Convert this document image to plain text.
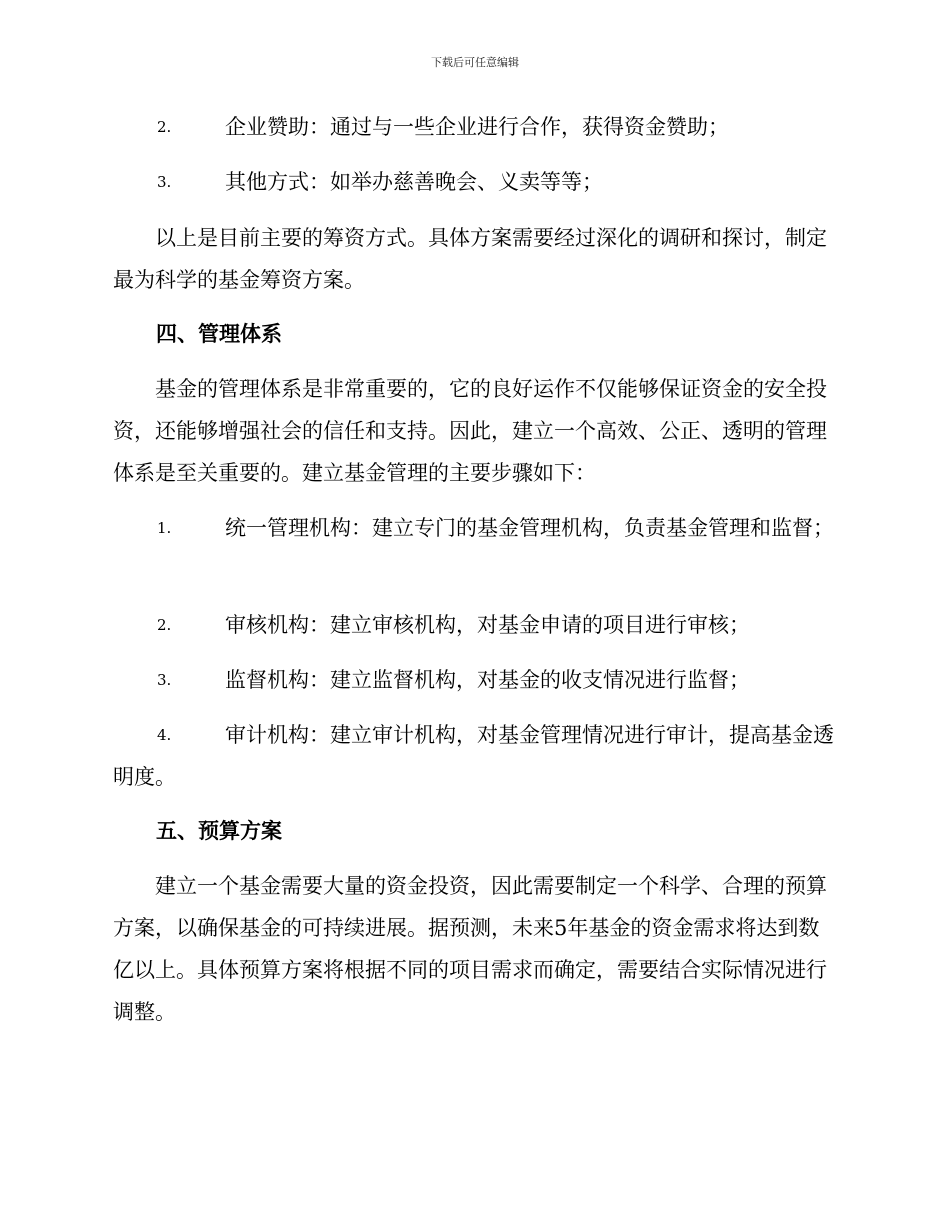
下载后可任意编辑
2.	企业赞助：通过与一些企业进行合作，获得资金赞助；
3.	其他方式：如举办慈善晚会、义卖等等；
以上是目前主要的筹资方式。具体方案需要经过深化的调研和探讨，制定最为科学的基金筹资方案。
四、管理体系
基金的管理体系是非常重要的，它的良好运作不仅能够保证资金的安全投资，还能够增强社会的信任和支持。因此，建立一个高效、公正、透明的管理体系是至关重要的。建立基金管理的主要步骤如下：
1.	统一管理机构：建立专门的基金管理机构，负责基金管理和监督；
2.	审核机构：建立审核机构，对基金申请的项目进行审核；
3.	监督机构：建立监督机构，对基金的收支情况进行监督；
4.	审计机构：建立审计机构，对基金管理情况进行审计，提高基金透明度。
五、预算方案
建立一个基金需要大量的资金投资，因此需要制定一个科学、合理的预算方案，以确保基金的可持续进展。据预测，未来5年基金的资金需求将达到数亿以上。具体预算方案将根据不同的项目需求而确定，需要结合实际情况进行调整。
